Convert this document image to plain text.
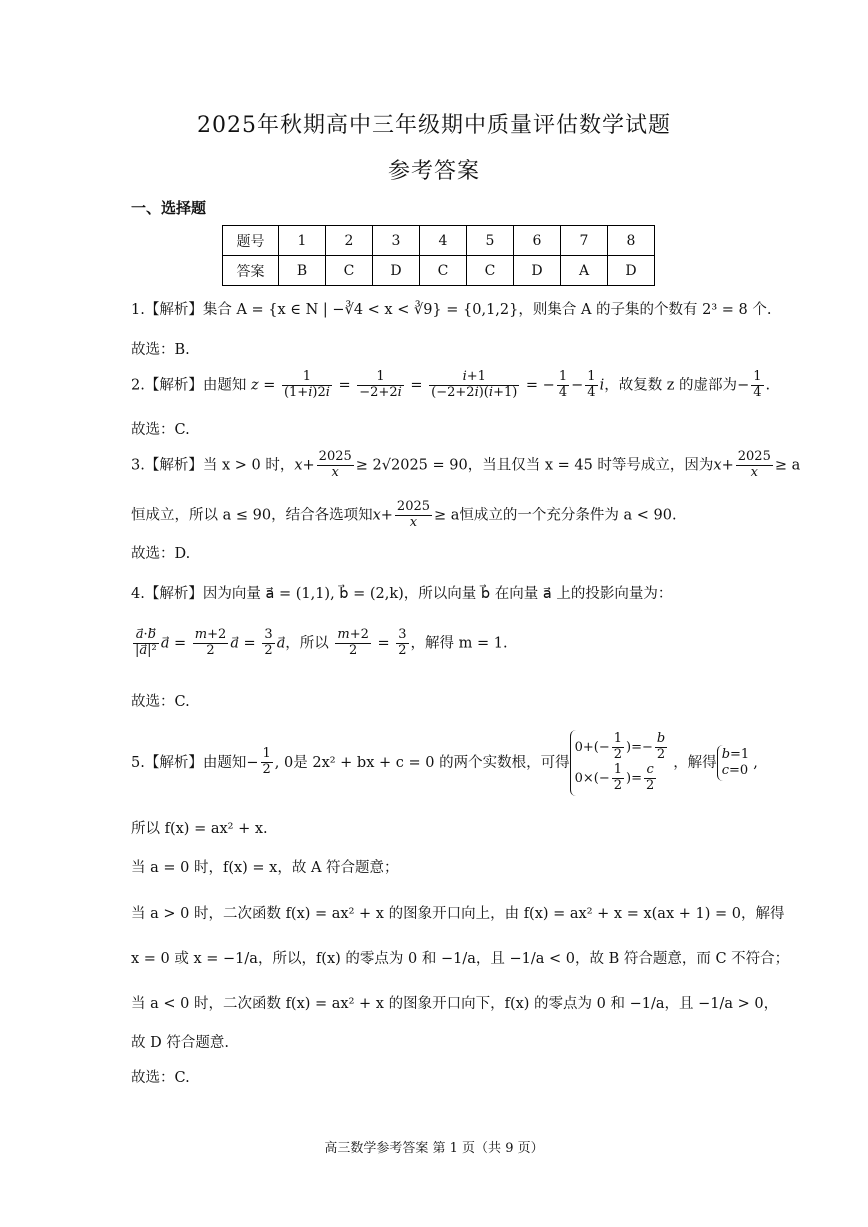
2025年秋期高中三年级期中质量评估数学试题
参考答案
一、选择题
题号	1	2	3	4	5	6	7	8
答案	B	C	D	C	C	D	A	D
1.【解析】集合 A = {x ∈ N | −∛4 < x < ∛9} = {0,1,2}，则集合 A 的子集的个数有 2³ = 8 个.
故选：B.
2.【解析】由题知 $z = \frac{1}{(1+i)2i} = \frac{1}{-2+2i} = \frac{i+1}{(-2+2i)(i+1)}$ = − $\frac{1}{4} - \frac{1}{4}$ i，故复数 z 的虚部为− $\frac{1}{4}$ .
故选：C.
3.【解析】当 x > 0 时，$x+ \frac{2025}{x} \ge 2√2025 = 90$，当且仅当 x = 45 时等号成立，因为$x+ \frac{2025}{x} \ge a$
恒成立，所以 a ≤ 90，结合各选项知$x+ \frac{2025}{x} \ge a$恒成立的一个充分条件为 a < 90.
故选：D.
4.【解析】因为向量 a⃗ = (1,1), b⃗ = (2,k)，所以向量 b⃗ 在向量 a⃗ 上的投影向量为：
$\frac{a⃗\cdot b}{\text{|a⃗|²}}$ a⃗ = $\frac{m+2}{2}$ a⃗ = $\frac{3}{2}$ a⃗，所以 $\frac{m+2}{2} = \frac{3}{2}$ ，解得 m = 1.
故选：C.
5.【解析】由题知− $\frac{1}{2}$ , 0是 2x² + bx + c = 0 的两个实数根，可得
$0+(- \frac{1}{2}$ )=− $\frac{b}{2}$
$0\times(- \frac{1}{2}$ )= $\frac{c}{2}$ ，解得
b=1
c=0 ,
所以 f(x) = ax² + x.
当 a = 0 时，f(x) = x，故 A 符合题意；
当 a > 0 时，二次函数 f(x) = ax² + x 的图象开口向上，由 f(x) = ax² + x = x(ax + 1) = 0，解得
x = 0 或 x = −1/a，所以，f(x) 的零点为 0 和 −1/a，且 −1/a < 0，故 B 符合题意，而 C 不符合；
当 a < 0 时，二次函数 f(x) = ax² + x 的图象开口向下，f(x) 的零点为 0 和 −1/a，且 −1/a > 0，
故 D 符合题意.
故选：C.
高三数学参考答案 第 1 页（共 9 页）
